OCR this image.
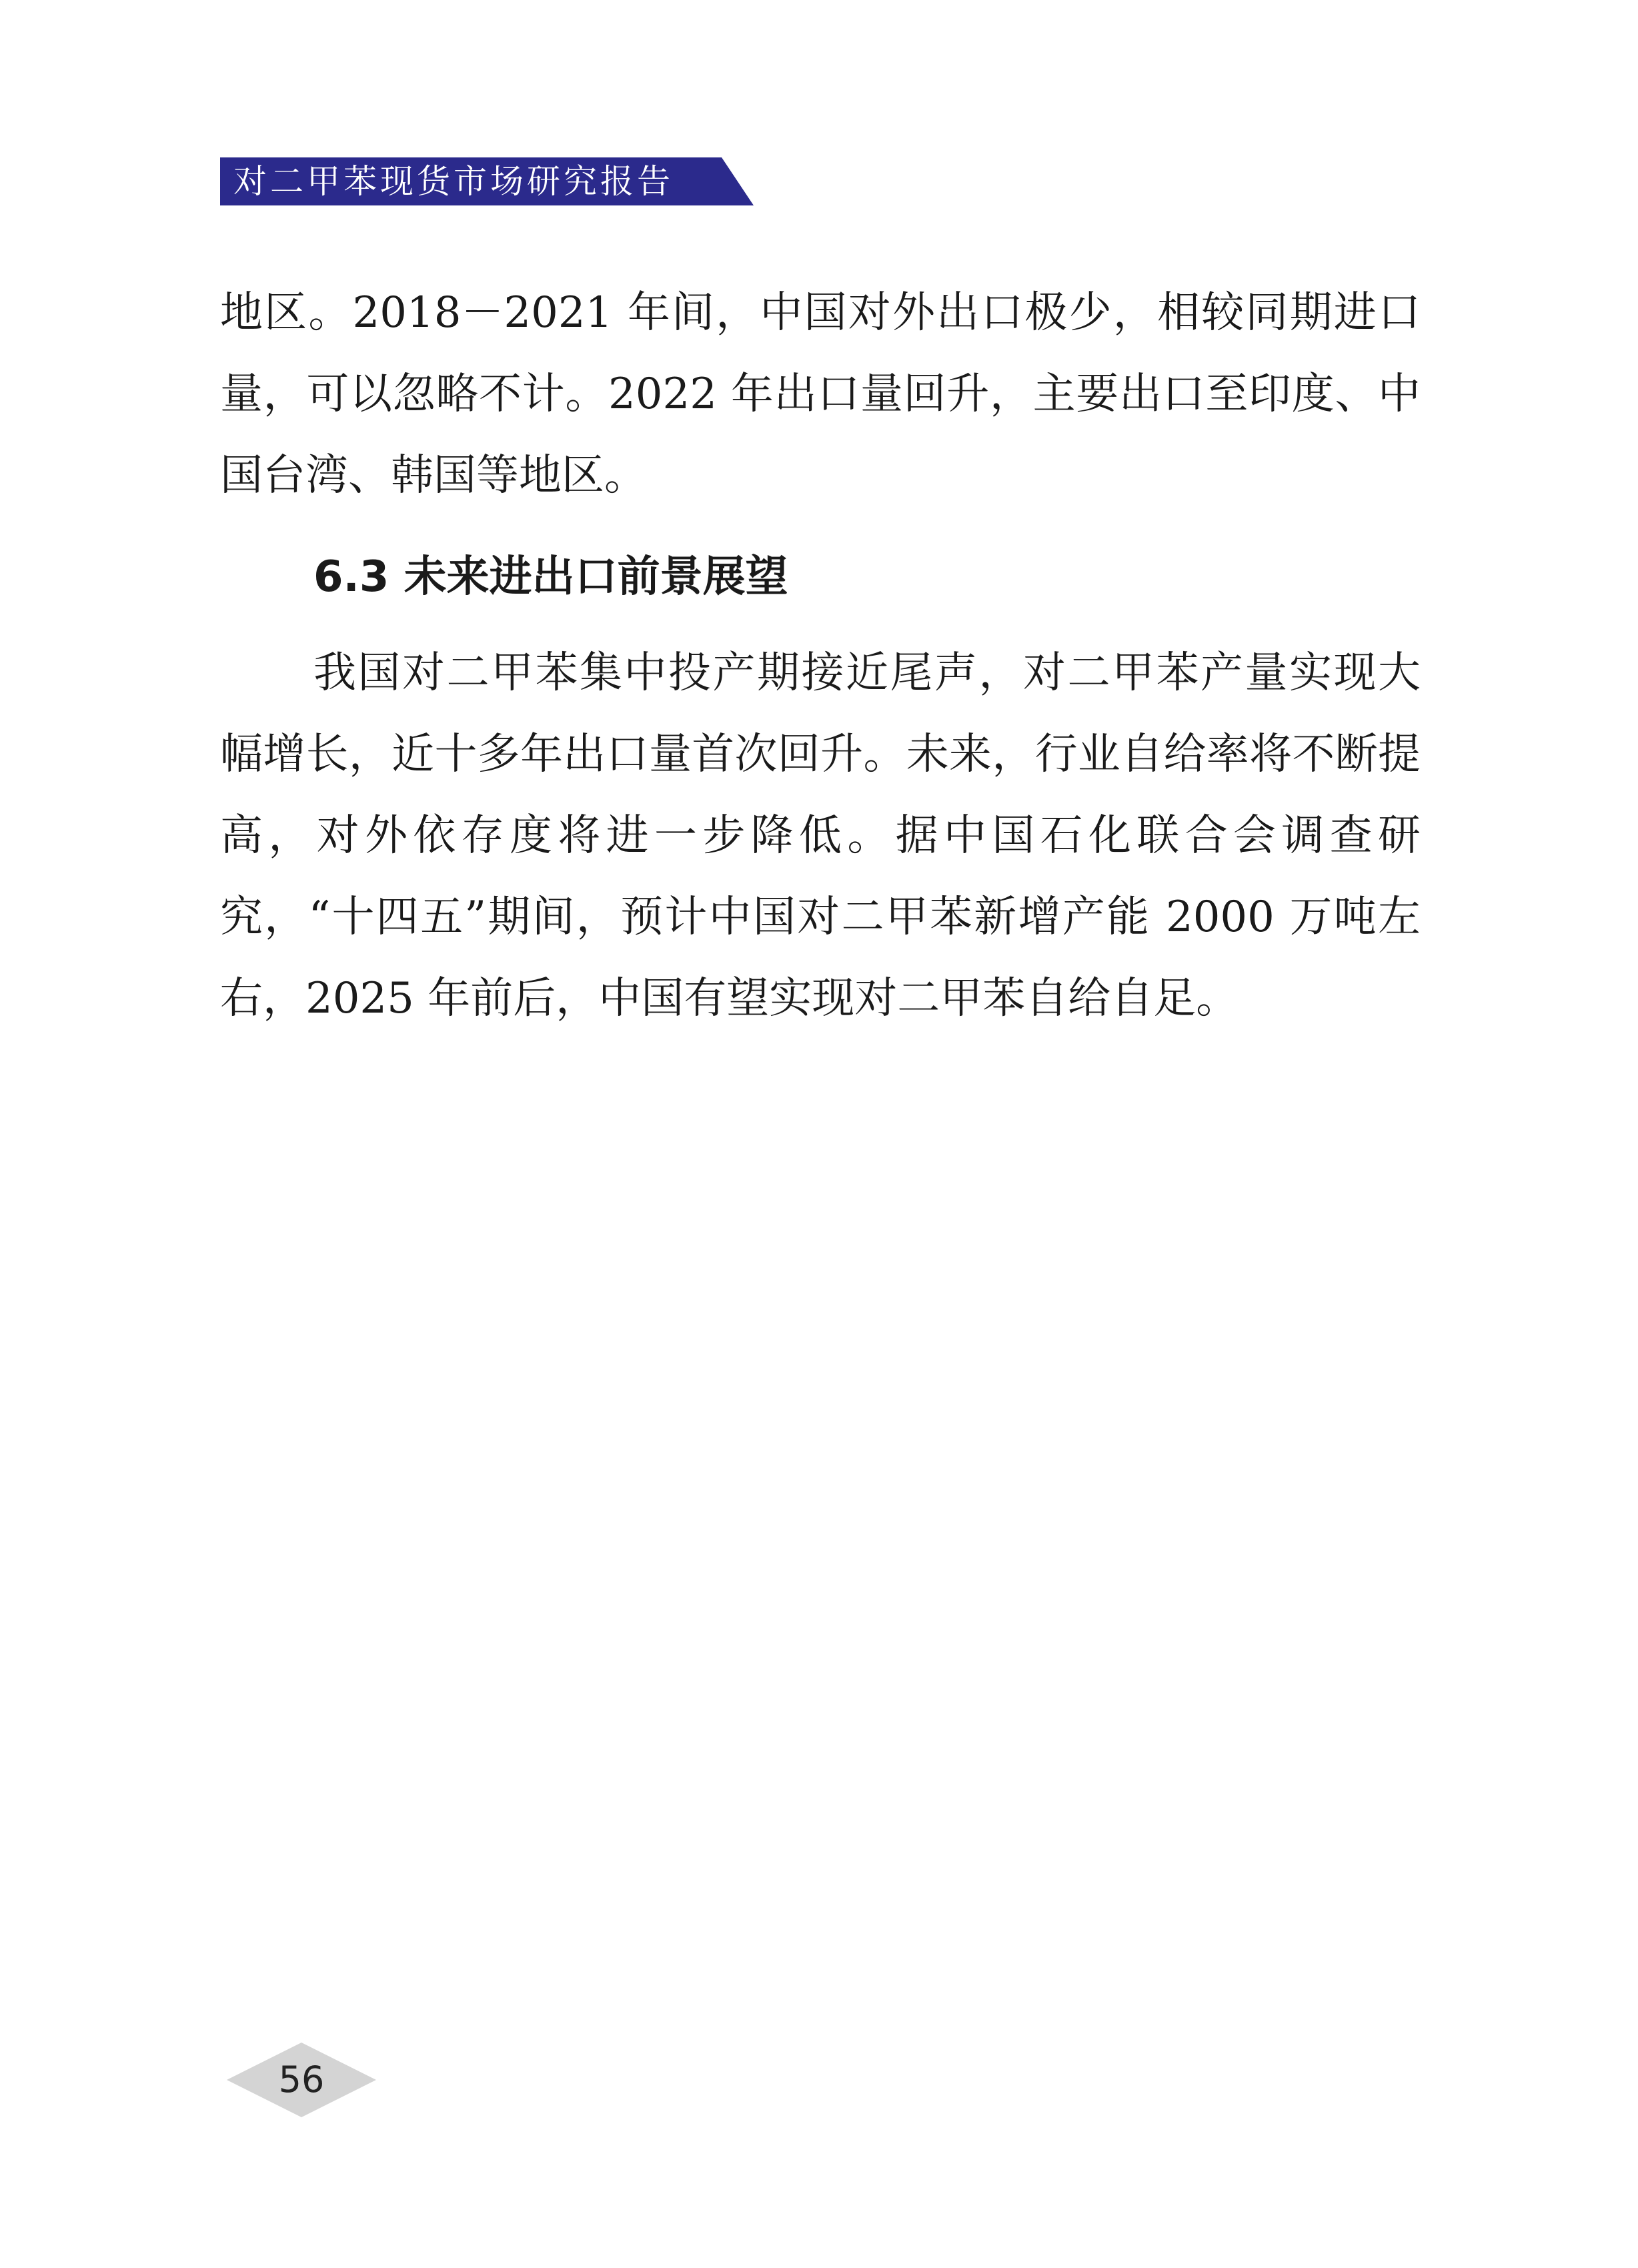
对二甲苯现货市场研究报告

地区。2018－2021 年间，中国对外出口极少，相较同期进口量，可以忽略不计。2022 年出口量回升，主要出口至印度、中国台湾、韩国等地区。

6.3 未来进出口前景展望

我国对二甲苯集中投产期接近尾声，对二甲苯产量实现大幅增长，近十多年出口量首次回升。未来，行业自给率将不断提高，对外依存度将进一步降低。据中国石化联合会调查研究，“十四五”期间，预计中国对二甲苯新增产能 2000 万吨左右，2025 年前后，中国有望实现对二甲苯自给自足。

56
